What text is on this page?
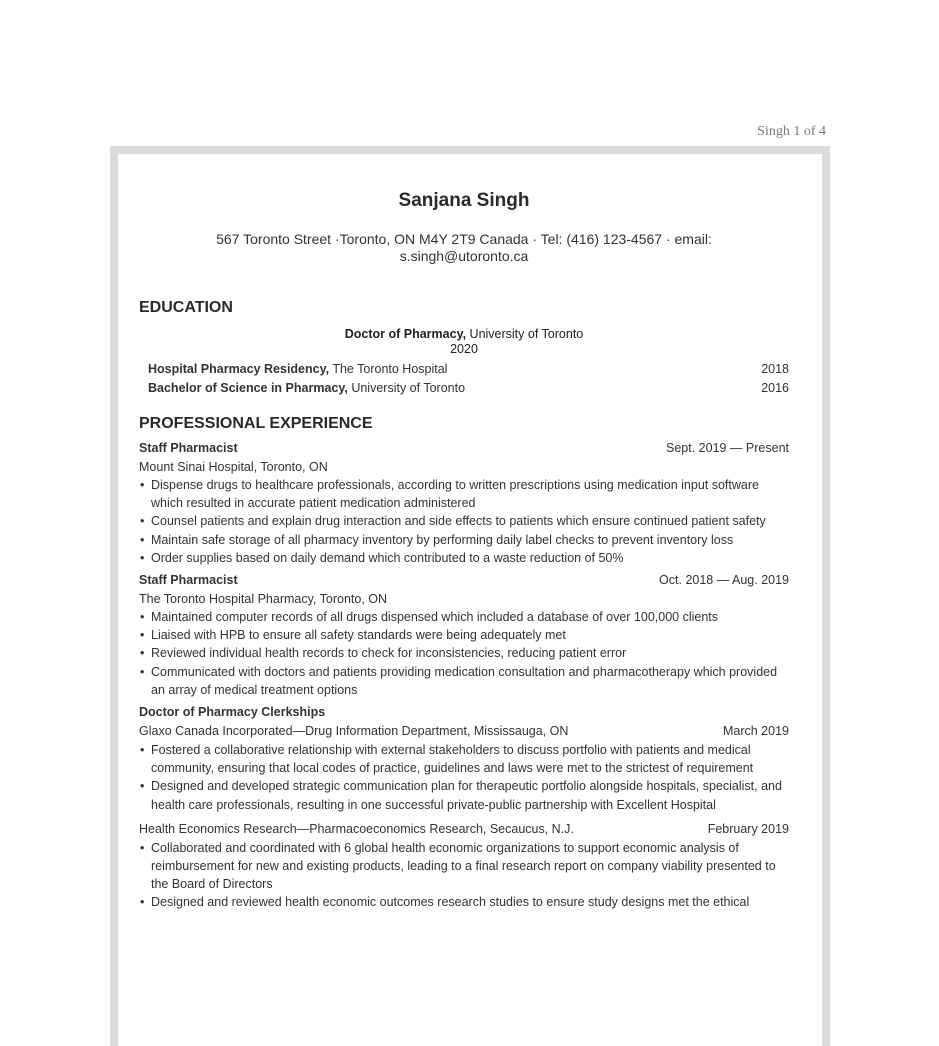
Singh 1 of 4
Sanjana Singh

567 Toronto Street ·Toronto, ON M4Y 2T9 Canada · Tel: (416) 123-4567 · email: s.singh@utoronto.ca

EDUCATION
Doctor of Pharmacy, University of Toronto
2020
Hospital Pharmacy Residency, The Toronto Hospital	2018
Bachelor of Science in Pharmacy, University of Toronto	2016
PROFESSIONAL EXPERIENCE
Staff Pharmacist	Sept. 2019 — Present
Mount Sinai Hospital, Toronto, ON
• Dispense drugs to healthcare professionals, according to written prescriptions using medication input software which resulted in accurate patient medication administered
• Counsel patients and explain drug interaction and side effects to patients which ensure continued patient safety
• Maintain safe storage of all pharmacy inventory by performing daily label checks to prevent inventory loss
• Order supplies based on daily demand which contributed to a waste reduction of 50%
Staff Pharmacist	Oct. 2018 — Aug. 2019
The Toronto Hospital Pharmacy, Toronto, ON
• Maintained computer records of all drugs dispensed which included a database of over 100,000 clients
• Liaised with HPB to ensure all safety standards were being adequately met
• Reviewed individual health records to check for inconsistencies, reducing patient error
• Communicated with doctors and patients providing medication consultation and pharmacotherapy which provided an array of medical treatment options
Doctor of Pharmacy Clerkships
Glaxo Canada Incorporated—Drug Information Department, Mississauga, ON	March 2019
• Fostered a collaborative relationship with external stakeholders to discuss portfolio with patients and medical community, ensuring that local codes of practice, guidelines and laws were met to the strictest of requirement
• Designed and developed strategic communication plan for therapeutic portfolio alongside hospitals, specialist, and health care professionals, resulting in one successful private-public partnership with Excellent Hospital
Health Economics Research—Pharmacoeconomics Research, Secaucus, N.J.	February 2019
• Collaborated and coordinated with 6 global health economic organizations to support economic analysis of reimbursement for new and existing products, leading to a final research report on company viability presented to the Board of Directors
• Designed and reviewed health economic outcomes research studies to ensure study designs met the ethical
